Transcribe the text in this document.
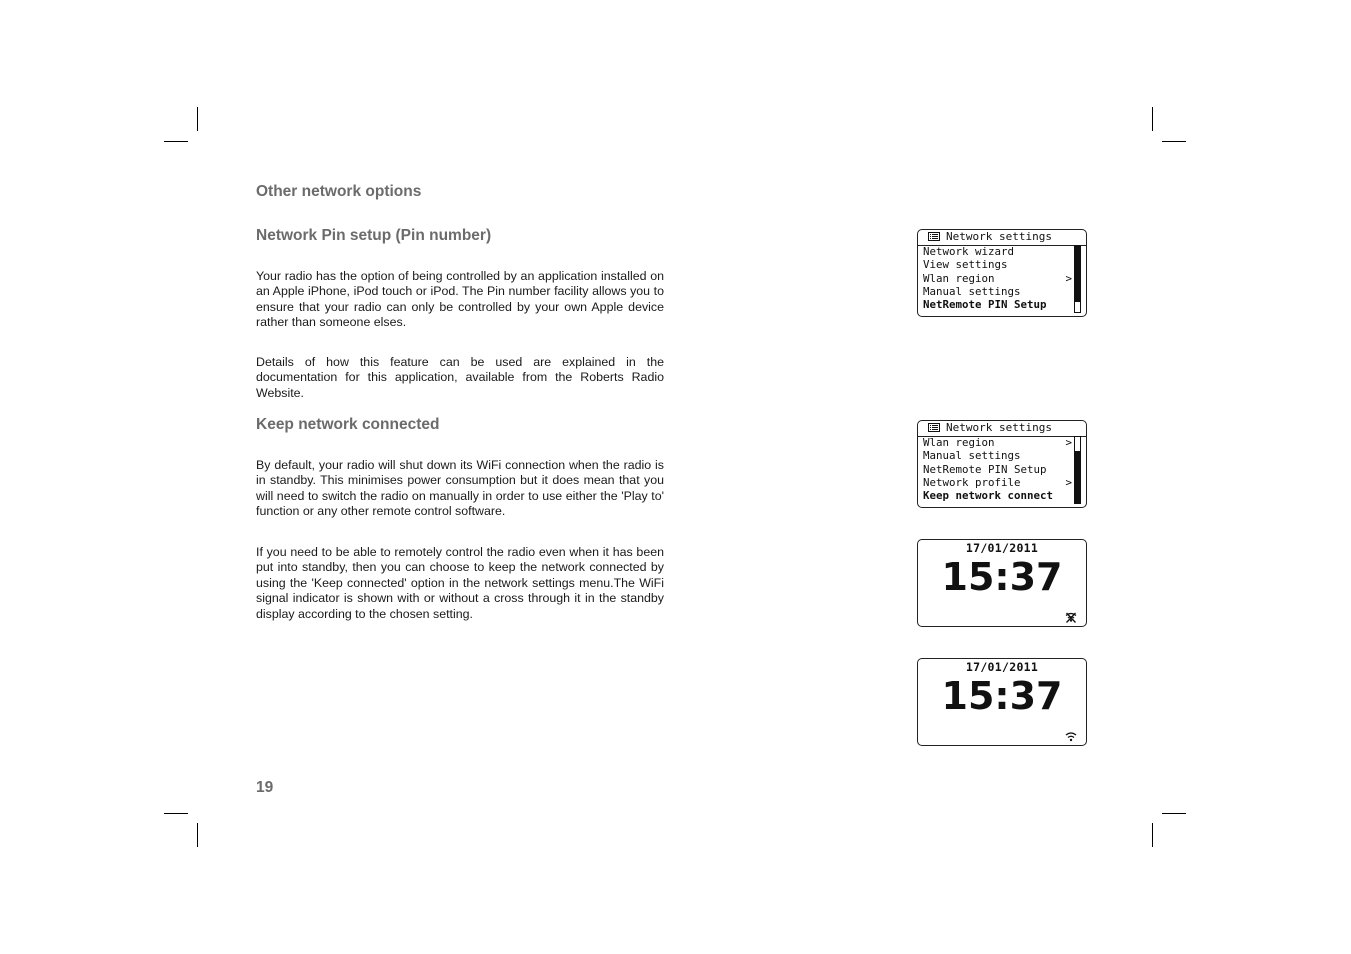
Other network options
Network Pin setup (Pin number)

Your radio has the option of being controlled by an application installed on an Apple iPhone, iPod touch or iPod. The Pin number facility allows you to ensure that your radio can only be controlled by your own Apple device rather than someone elses.

Details of how this feature can be used are explained in the documentation for this application, available from the Roberts Radio Website.

Keep network connected

By default, your radio will shut down its WiFi connection when the radio is in standby. This minimises power consumption but it does mean that you will need to switch the radio on manually in order to use either the 'Play to' function or any other remote control software.

If you need to be able to remotely control the radio even when it has been put into standby, then you can choose to keep the network connected by using the 'Keep connected' option in the network settings menu.The WiFi signal indicator is shown with or without a cross through it in the standby display according to the chosen setting.

19
Network settings
Network wizard
View settings
Wlan region	>
Manual settings
NetRemote PIN Setup
Network settings
Wlan region	>
Manual settings
NetRemote PIN Setup
Network profile	>
Keep network connect
17/01/2011
15:37
17/01/2011
15:37
